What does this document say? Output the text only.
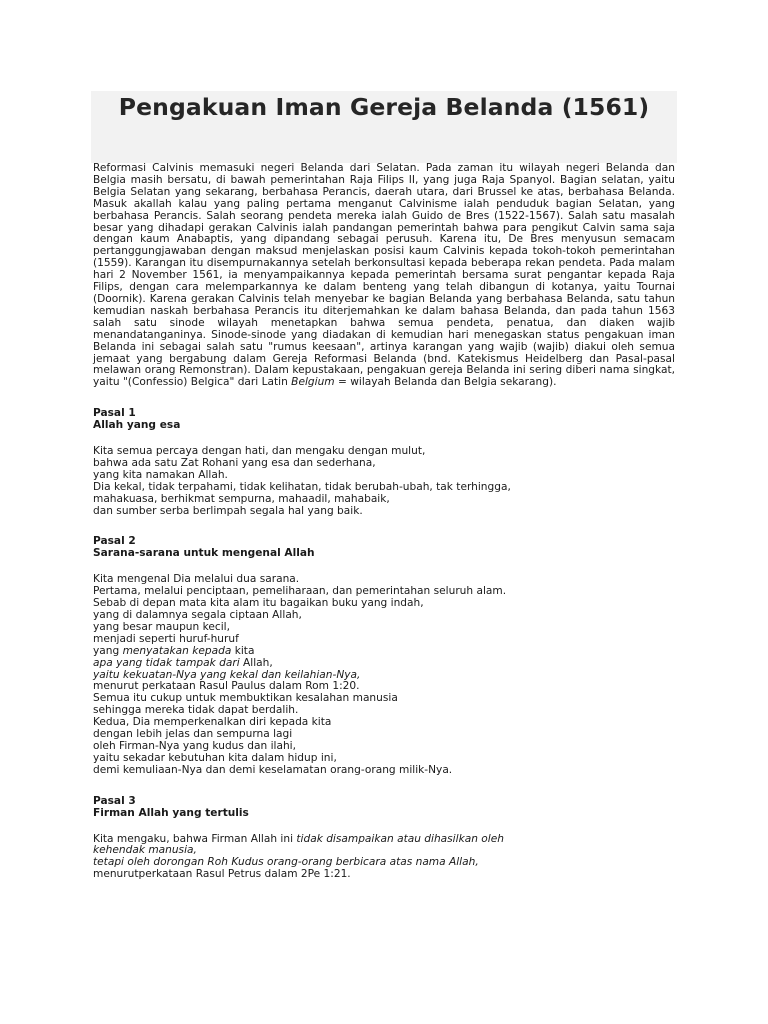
Pengakuan Iman Gereja Belanda (1561)

Reformasi Calvinis memasuki negeri Belanda dari Selatan. Pada zaman itu wilayah negeri Belanda dan Belgia masih bersatu, di bawah pemerintahan Raja Filips II, yang juga Raja Spanyol. Bagian selatan, yaitu Belgia Selatan yang sekarang, berbahasa Perancis, daerah utara, dari Brussel ke atas, berbahasa Belanda. Masuk akallah kalau yang paling pertama menganut Calvinisme ialah penduduk bagian Selatan, yang berbahasa Perancis. Salah seorang pendeta mereka ialah Guido de Bres (1522-1567). Salah satu masalah besar yang dihadapi gerakan Calvinis ialah pandangan pemerintah bahwa para pengikut Calvin sama saja dengan kaum Anabaptis, yang dipandang sebagai perusuh. Karena itu, De Bres menyusun semacam pertanggungjawaban dengan maksud menjelaskan posisi kaum Calvinis kepada tokoh-tokoh pemerintahan (1559). Karangan itu disempurnakannya setelah berkonsultasi kepada beberapa rekan pendeta. Pada malam hari 2 November 1561, ia menyampaikannya kepada pemerintah bersama surat pengantar kepada Raja Filips, dengan cara melemparkannya ke dalam benteng yang telah dibangun di kotanya, yaitu Tournai (Doornik). Karena gerakan Calvinis telah menyebar ke bagian Belanda yang berbahasa Belanda, satu tahun kemudian naskah berbahasa Perancis itu diterjemahkan ke dalam bahasa Belanda, dan pada tahun 1563 salah satu sinode wilayah menetapkan bahwa semua pendeta, penatua, dan diaken wajib menandatanganinya. Sinode-sinode yang diadakan di kemudian hari menegaskan status pengakuan iman Belanda ini sebagai salah satu "rumus keesaan", artinya karangan yang wajib (wajib) diakui oleh semua jemaat yang bergabung dalam Gereja Reformasi Belanda (bnd. Katekismus Heidelberg dan Pasal-pasal melawan orang Remonstran). Dalam kepustakaan, pengakuan gereja Belanda ini sering diberi nama singkat, yaitu "(Confessio) Belgica" dari Latin Belgium = wilayah Belanda dan Belgia sekarang).

Pasal 1
Allah yang esa
Kita semua percaya dengan hati, dan mengaku dengan mulut,
bahwa ada satu Zat Rohani yang esa dan sederhana,
yang kita namakan Allah.
Dia kekal, tidak terpahami, tidak kelihatan, tidak berubah-ubah, tak terhingga,
mahakuasa, berhikmat sempurna, mahaadil, mahabaik,
dan sumber serba berlimpah segala hal yang baik.
Pasal 2
Sarana-sarana untuk mengenal Allah
Kita mengenal Dia melalui dua sarana.
Pertama, melalui penciptaan, pemeliharaan, dan pemerintahan seluruh alam.
Sebab di depan mata kita alam itu bagaikan buku yang indah,
yang di dalamnya segala ciptaan Allah,
yang besar maupun kecil,
menjadi seperti huruf-huruf
yang menyatakan kepada kita
apa yang tidak tampak dari Allah,
yaitu kekuatan-Nya yang kekal dan keilahian-Nya,
menurut perkataan Rasul Paulus dalam Rom 1:20.
Semua itu cukup untuk membuktikan kesalahan manusia
sehingga mereka tidak dapat berdalih.
Kedua, Dia memperkenalkan diri kepada kita
dengan lebih jelas dan sempurna lagi
oleh Firman-Nya yang kudus dan ilahi,
yaitu sekadar kebutuhan kita dalam hidup ini,
demi kemuliaan-Nya dan demi keselamatan orang-orang milik-Nya.
Pasal 3
Firman Allah yang tertulis
Kita mengaku, bahwa Firman Allah ini tidak disampaikan atau dihasilkan oleh
kehendak manusia,
tetapi oleh dorongan Roh Kudus orang-orang berbicara atas nama Allah,
menurutperkataan Rasul Petrus dalam 2Pe 1:21.
